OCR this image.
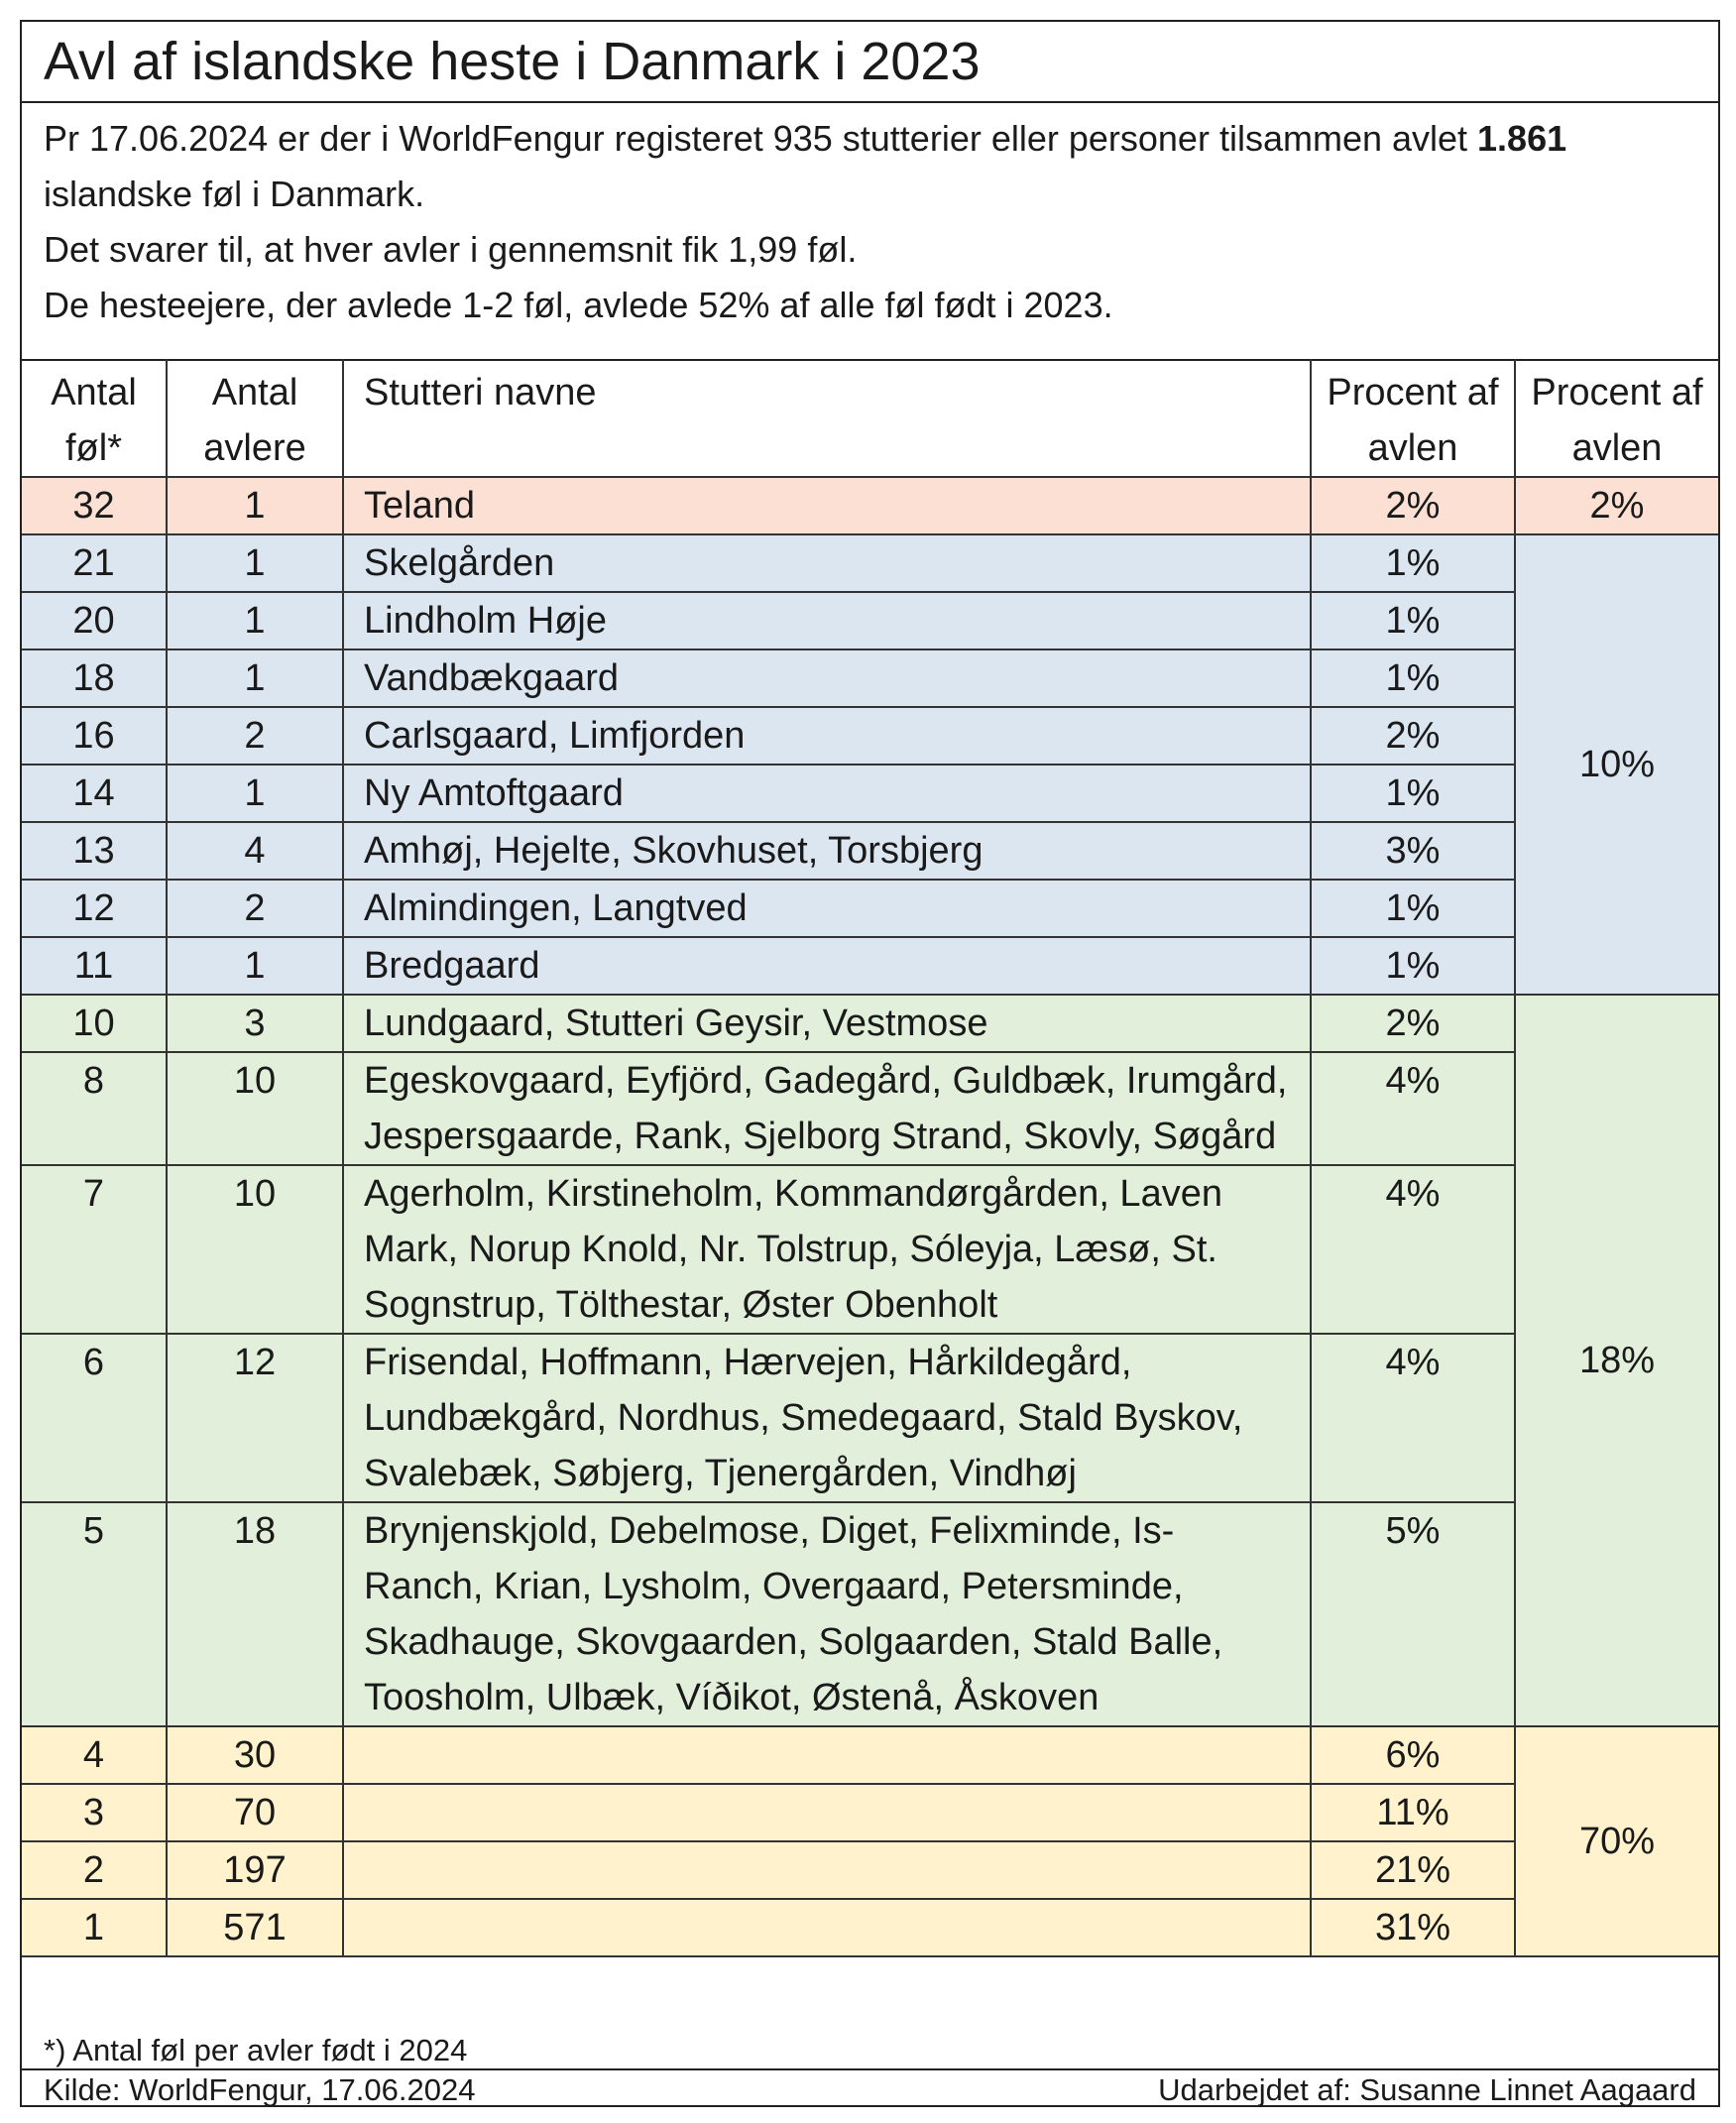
Avl af islandske heste i Danmark i 2023

Pr 17.06.2024 er der i WorldFengur registeret 935 stutterier eller personer tilsammen avlet 1.861 islandske føl i Danmark.

Det svarer til, at hver avler i gennemsnit fik 1,99 føl.

De hesteejere, der avlede 1-2 føl, avlede 52% af alle føl født i 2023.

Antal føl*	Antal avlere	Stutteri navne	Procent af avlen	Procent af avlen
32	1	Teland	2%	2%
21	1	Skelgården	1%	10%
20	1	Lindholm Høje	1%	
18	1	Vandbækgaard	1%	
16	2	Carlsgaard, Limfjorden	2%	
14	1	Ny Amtoftgaard	1%	
13	4	Amhøj, Hejelte, Skovhuset, Torsbjerg	3%	
12	2	Almindingen, Langtved	1%	
11	1	Bredgaard	1%	
10	3	Lundgaard, Stutteri Geysir, Vestmose	2%	18%
8	10	Egeskovgaard, Eyfjörd, Gadegård, Guldbæk, Irumgård, Jespersgaarde, Rank, Sjelborg Strand, Skovly, Søgård	4%	
7	10	Agerholm, Kirstineholm, Kommandørgården, Laven Mark, Norup Knold, Nr. Tolstrup, Sóleyja, Læsø, St. Sognstrup, Tölthestar, Øster Obenholt	4%	
6	12	Frisendal, Hoffmann, Hærvejen, Hårkildegård, Lundbækgård, Nordhus, Smedegaard, Stald Byskov, Svalebæk, Søbjerg, Tjenergården, Vindhøj	4%	
5	18	Brynjenskjold, Debelmose, Diget, Felixminde, Is-Ranch, Krian, Lysholm, Overgaard, Petersminde, Skadhauge, Skovgaarden, Solgaarden, Stald Balle, Toosholm, Ulbæk, Víðikot, Østenå, Åskoven	5%	
4	30		6%	70%
3	70		11%	
2	197		21%	
1	571		31%	
*) Antal føl per avler født i 2024
Kilde: WorldFengur, 17.06.2024	Udarbejdet af: Susanne Linnet Aagaard
